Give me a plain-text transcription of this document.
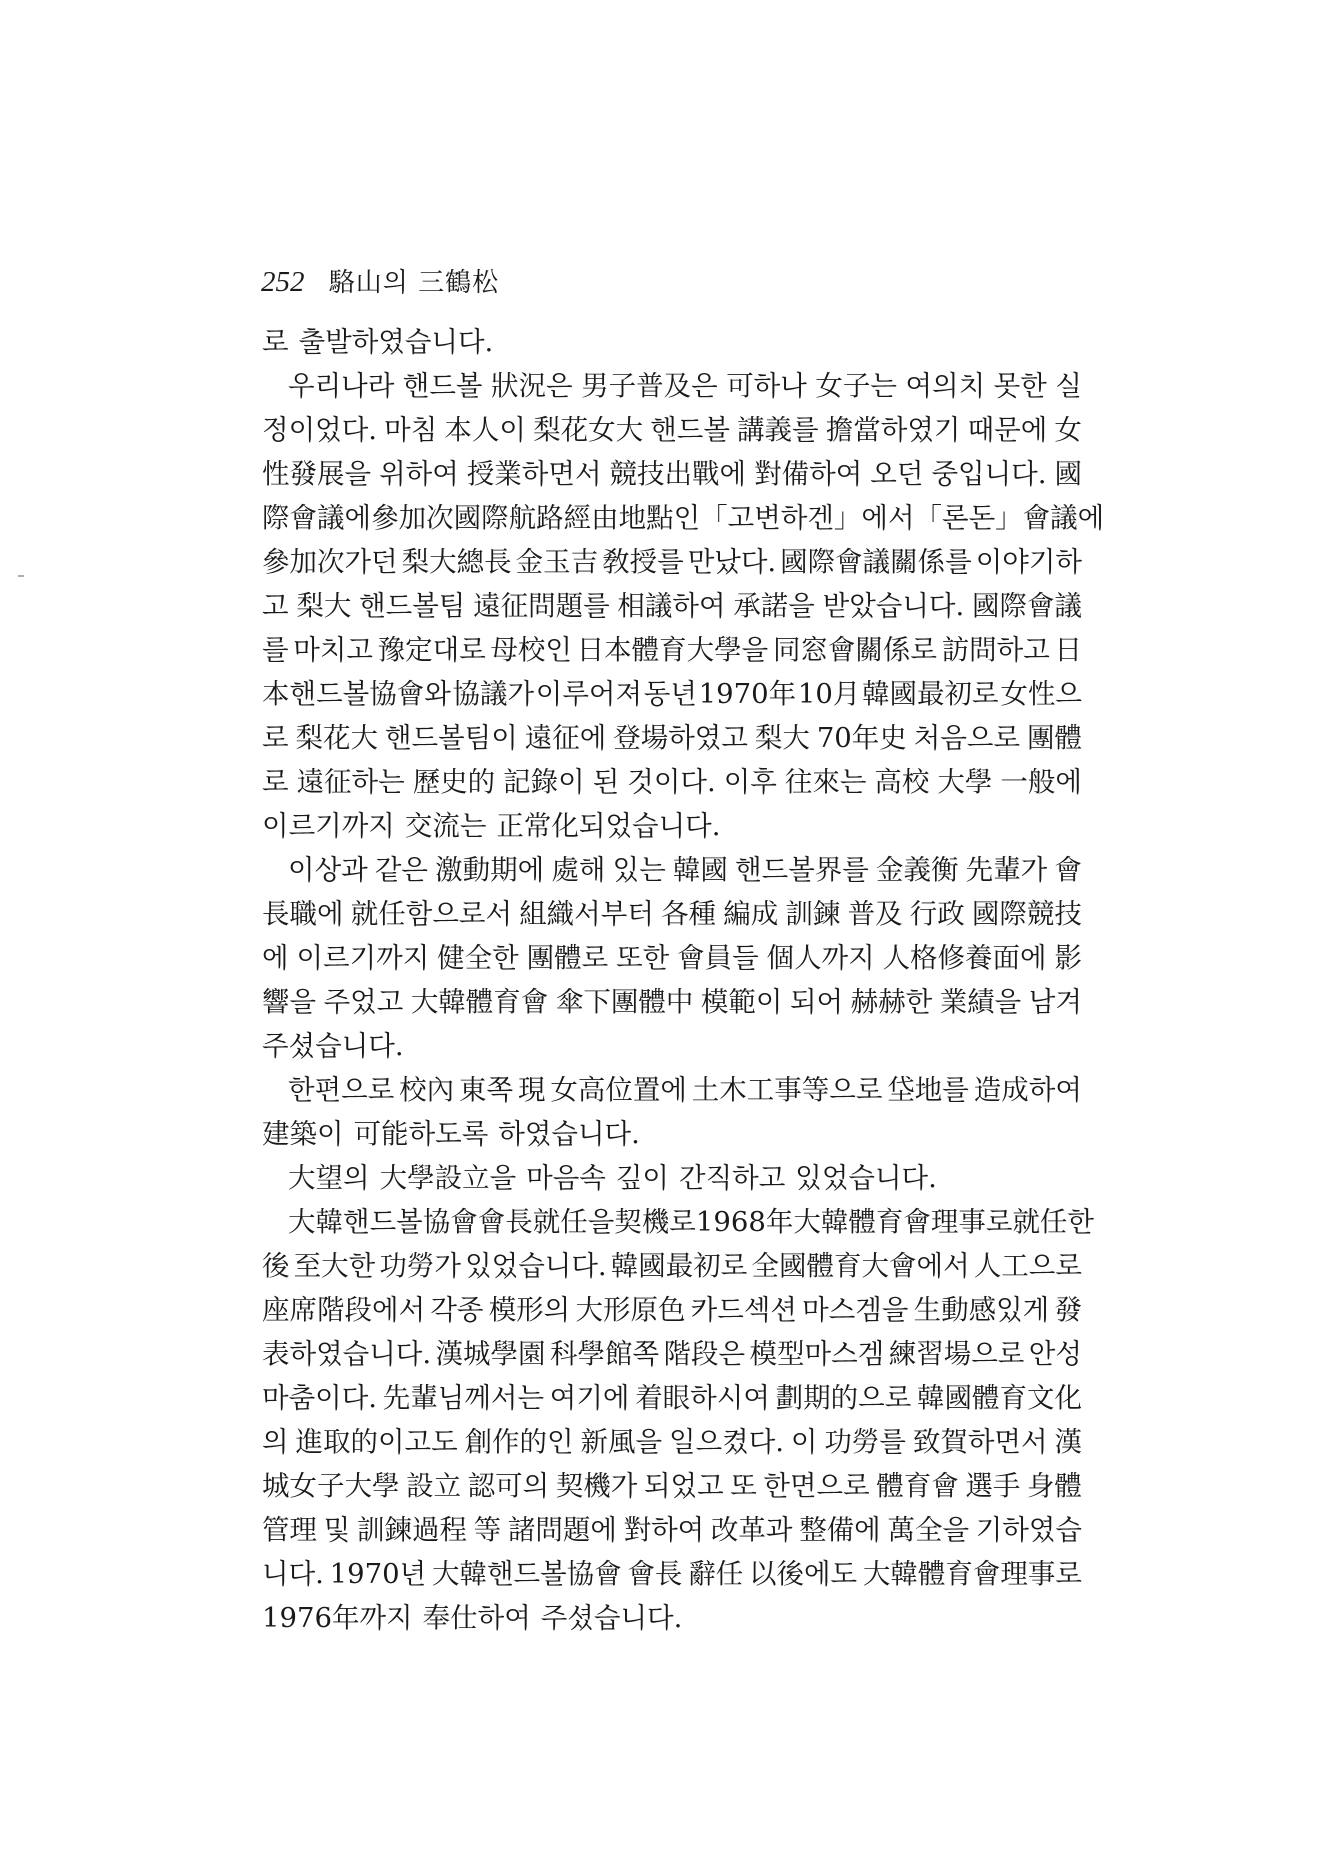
252 駱山의 三鶴松
로 출발하였습니다.
우리나라 핸드볼 狀況은 男子普及은 可하나 女子는 여의치 못한 실
정이었다. 마침 本人이 梨花女大 핸드볼 講義를 擔當하였기 때문에 女
性發展을 위하여 授業하면서 競技出戰에 對備하여 오던 중입니다. 國
際會議에 參加次 國際航路 經由地點인 「고변하겐」에서 「론돈」會議에
參加次가던 梨大總長 金玉吉 敎授를 만났다. 國際會議關係를 이야기하
고 梨大 핸드볼팀 遠征問題를 相議하여 承諾을 받았습니다. 國際會議
를 마치고 豫定대로 母校인 日本體育大學을 同窓會關係로 訪問하고 日
本핸드볼協會와 協議가 이루어져 동년 1970年 10月 韓國最初로 女性으
로 梨花大 핸드볼팀이 遠征에 登場하였고 梨大 70年史 처음으로 團體
로 遠征하는 歷史的 記錄이 된 것이다. 이후 往來는 高校 大學 一般에
이르기까지 交流는 正常化되었습니다.
이상과 같은 激動期에 處해 있는 韓國 핸드볼界를 金義衡 先輩가 會
長職에 就任함으로서 組織서부터 各種 編成 訓鍊 普及 行政 國際競技
에 이르기까지 健全한 團體로 또한 會員들 個人까지 人格修養面에 影
響을 주었고 大韓體育會 傘下團體中 模範이 되어 赫赫한 業績을 남겨
주셨습니다.
한편으로 校內 東쪽 現 女高位置에 土木工事等으로 垈地를 造成하여
建築이 可能하도록 하였습니다.
大望의 大學設立을 마음속 깊이 간직하고 있었습니다.
大韓핸드볼協會 會長就任을 契機로 1968年 大韓體育會理事로 就任한
後 至大한 功勞가 있었습니다. 韓國最初로 全國體育大會에서 人工으로
座席階段에서 각종 模形의 大形原色 카드섹션 마스겜을 生動感있게 發
表하였습니다. 漢城學園 科學館쪽 階段은 模型마스겜 練習場으로 안성
마춤이다. 先輩님께서는 여기에 着眼하시여 劃期的으로 韓國體育文化
의 進取的이고도 創作的인 新風을 일으켰다. 이 功勞를 致賀하면서 漢
城女子大學 設立 認可의 契機가 되었고 또 한면으로 體育會 選手 身體
管理 및 訓鍊過程 等 諸問題에 對하여 改革과 整備에 萬全을 기하였습
니다. 1970년 大韓핸드볼協會 會長 辭任 以後에도 大韓體育會理事로
1976年까지 奉仕하여 주셨습니다.
